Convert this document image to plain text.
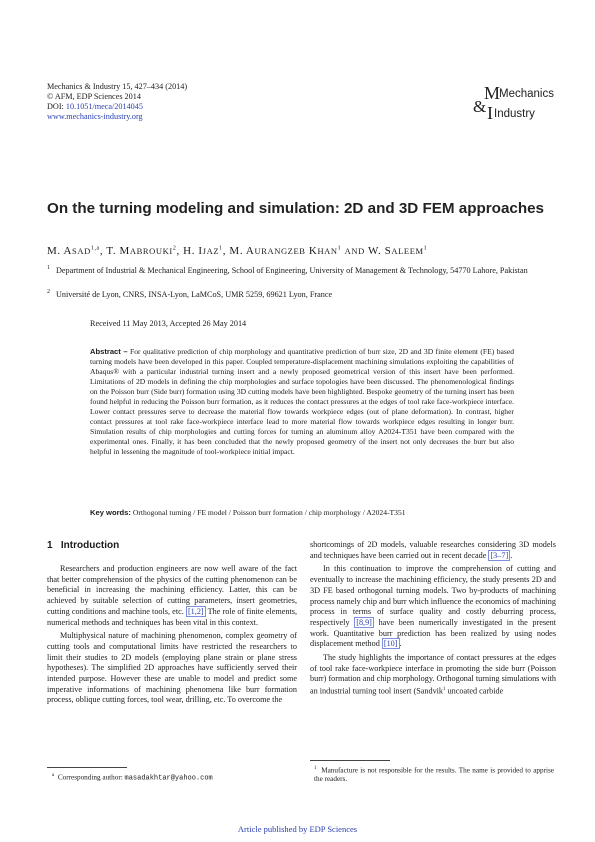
Mechanics & Industry 15, 427–434 (2014)
© AFM, EDP Sciences 2014
DOI: 10.1051/meca/2014045
www.mechanics-industry.org
M
Mechanics
& I Industry
On the turning modeling and simulation: 2D and 3D FEM approaches
M. ASAD$^{1,a}$, T. MABROUKI$^2$, H. IJAZ$^1$, M. AURANGZEB KHAN$^1$ AND W. SALEEM$^1$
1 Department of Industrial & Mechanical Engineering, School of Engineering, University of Management & Technology, 54770 Lahore, Pakistan
2 Université de Lyon, CNRS, INSA-Lyon, LaMCoS, UMR 5259, 69621 Lyon, France
Received 11 May 2013, Accepted 26 May 2014
Abstract – For qualitative prediction of chip morphology and quantitative prediction of burr size, 2D and 3D finite element (FE) based turning models have been developed in this paper. Coupled temperature-displacement machining simulations exploiting the capabilities of Abaqus® with a particular industrial turning insert and a newly proposed geometrical version of this insert have been performed. Limitations of 2D models in defining the chip morphologies and surface topologies have been discussed. The phenomenological findings on the Poisson burr (Side burr) formation using 3D cutting models have been highlighted. Bespoke geometry of the turning insert has been found helpful in reducing the Poisson burr formation, as it reduces the contact pressures at the edges of tool rake face-workpiece interface. Lower contact pressures serve to decrease the material flow towards workpiece edges (out of plane deformation). In contrast, higher contact pressures at tool rake face-workpiece interface lead to more material flow towards workpiece edges resulting in longer burr. Simulation results of chip morphologies and cutting forces for turning an aluminum alloy A2024-T351 have been compared with the experimental ones. Finally, it has been concluded that the newly proposed geometry of the insert not only decreases the burr but also helpful in lessening the magnitude of tool-workpiece initial impact.
Key words: Orthogonal turning / FE model / Poisson burr formation / chip morphology / A2024-T351
1 Introduction

Researchers and production engineers are now well aware of the fact that better comprehension of the physics of the cutting phenomenon can be beneficial in increasing the machining efficiency. Latter, this can be achieved by suitable selection of cutting parameters, insert geometries, cutting conditions and machine tools, etc. [1,2] The role of finite elements, numerical methods and techniques has been vital in this context.

Multiphysical nature of machining phenomenon, complex geometry of cutting tools and computational limits have restricted the researchers to limit their studies to 2D models (employing plane strain or plane stress hypotheses). The simplified 2D approaches have sufficiently served their intended purpose. However these are unable to model and predict some imperative informations of machining phenomena like burr formation process, oblique cutting forces, tool wear, drilling, etc. To overcome the

$^a$ Corresponding author: masadakhtar@yahoo.com

shortcomings of 2D models, valuable researches considering 3D models and techniques have been carried out in recent decade [3–7] .

In this continuation to improve the comprehension of cutting and eventually to increase the machining efficiency, the study presents 2D and 3D FE based orthogonal turning models. Two by-products of machining process namely chip and burr which influence the economics of machining process in terms of surface quality and costly deburring process, respectively [8,9] have been numerically investigated in the present work. Quantitative burr prediction has been realized by using nodes displacement method [10] .

The study highlights the importance of contact pressures at the edges of tool rake face-workpiece interface in promoting the side burr (Poisson burr) formation and chip morphology. Orthogonal turning simulations with an industrial turning tool insert (Sandvik$^1$ uncoated carbide

$^1$ Manufacture is not responsible for the results. The name is provided to apprise the readers.
Article published by EDP Sciences
